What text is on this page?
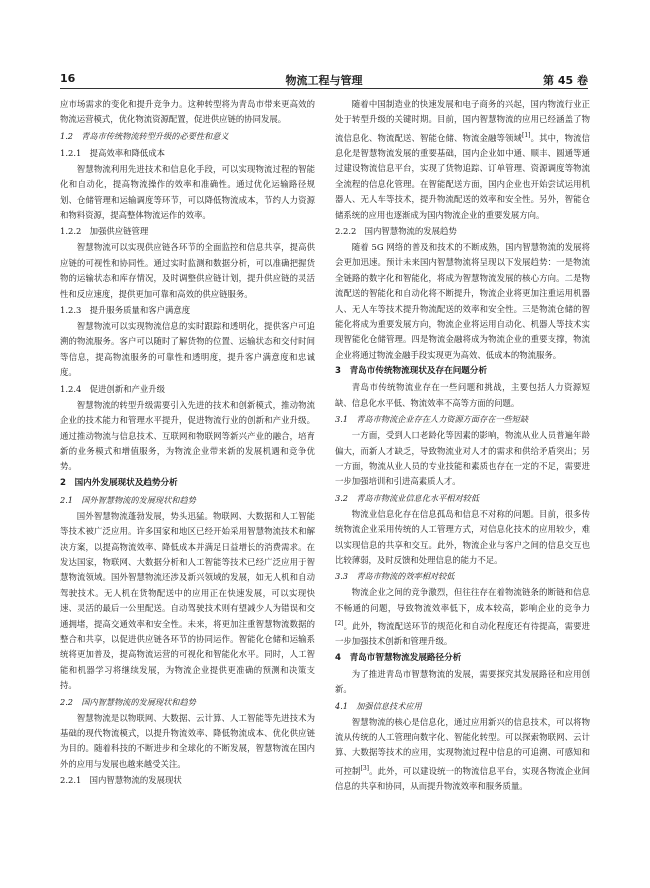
16	物流工程与管理	第 45 卷

应市场需求的变化和提升竞争力。这种转型将为青岛市带来更高效的物流运营模式，优化物流资源配置，促进供应链的协同发展。

1.2　青岛市传统物流转型升级的必要性和意义
1.2.1　提高效率和降低成本

智慧物流利用先进技术和信息化手段，可以实现物流过程的智能化和自动化，提高物流操作的效率和准确性。通过优化运输路径规划、仓储管理和运输调度等环节，可以降低物流成本，节约人力资源和物料资源，提高整体物流运作的效率。

1.2.2　加强供应链管理

智慧物流可以实现供应链各环节的全面监控和信息共享，提高供应链的可视性和协同性。通过实时监测和数据分析，可以准确把握货物的运输状态和库存情况，及时调整供应链计划，提升供应链的灵活性和反应速度，提供更加可靠和高效的供应链服务。

1.2.3　提升服务质量和客户满意度

智慧物流可以实现物流信息的实时跟踪和透明化，提供客户可追溯的物流服务。客户可以随时了解货物的位置、运输状态和交付时间等信息，提高物流服务的可靠性和透明度，提升客户满意度和忠诚度。

1.2.4　促进创新和产业升级

智慧物流的转型升级需要引入先进的技术和创新模式，推动物流企业的技术能力和管理水平提升，促进物流行业的创新和产业升级。通过推动物流与信息技术、互联网和物联网等新兴产业的融合，培育新的业务模式和增值服务，为物流企业带来新的发展机遇和竞争优势。

2　国内外发展现状及趋势分析
2.1　国外智慧物流的发展现状和趋势

国外智慧物流蓬勃发展，势头迅猛。物联网、大数据和人工智能等技术被广泛应用。许多国家和地区已经开始采用智慧物流技术和解决方案，以提高物流效率、降低成本并满足日益增长的消费需求。在发达国家，物联网、大数据分析和人工智能等技术已经广泛应用于智慧物流领域。国外智慧物流还涉及新兴领域的发展，如无人机和自动驾驶技术。无人机在货物配送中的应用正在快速发展，可以实现快速、灵活的最后一公里配送。自动驾驶技术则有望减少人为错误和交通拥堵，提高交通效率和安全性。未来，将更加注重智慧物流数据的整合和共享，以促进供应链各环节的协同运作。智能化仓储和运输系统将更加普及，提高物流运营的可视化和智能化水平。同时，人工智能和机器学习将继续发展，为物流企业提供更准确的预测和决策支持。

2.2　国内智慧物流的发展现状和趋势

智慧物流是以物联网、大数据、云计算、人工智能等先进技术为基础的现代物流模式，以提升物流效率、降低物流成本、优化供应链为目的。随着科技的不断进步和全球化的不断发展，智慧物流在国内外的应用与发展也越来越受关注。

2.2.1　国内智慧物流的发展现状

随着中国制造业的快速发展和电子商务的兴起，国内物流行业正处于转型升级的关键时期。目前，国内智慧物流的应用已经涵盖了物流信息化、物流配送、智能仓储、物流金融等领域[1]。其中，物流信息化是智慧物流发展的重要基础，国内企业如中通、顺丰、圆通等通过建设物流信息平台，实现了货物追踪、订单管理、资源调度等物流全流程的信息化管理。在智能配送方面，国内企业也开始尝试运用机器人、无人车等技术，提升物流配送的效率和安全性。另外，智能仓储系统的应用也逐渐成为国内物流企业的重要发展方向。

2.2.2　国内智慧物流的发展趋势

随着 5G 网络的普及和技术的不断成熟，国内智慧物流的发展将会更加迅速。预计未来国内智慧物流将呈现以下发展趋势：一是物流全链路的数字化和智能化，将成为智慧物流发展的核心方向。二是物流配送的智能化和自动化将不断提升，物流企业将更加注重运用机器人、无人车等技术提升物流配送的效率和安全性。三是物流仓储的智能化将成为重要发展方向，物流企业将运用自动化、机器人等技术实现智能化仓储管理。四是物流金融将成为物流企业的重要支撑，物流企业将通过物流金融手段实现更为高效、低成本的物流服务。

3　青岛市传统物流现状及存在问题分析

青岛市传统物流业存在一些问题和挑战，主要包括人力资源短缺、信息化水平低、物流效率不高等方面的问题。

3.1　青岛市物流企业存在人力资源方面存在一些短缺

一方面，受到人口老龄化等因素的影响，物流从业人员普遍年龄偏大，而新人才缺乏，导致物流业对人才的需求和供给矛盾突出；另一方面，物流从业人员的专业技能和素质也存在一定的不足，需要进一步加强培训和引进高素质人才。

3.2　青岛市物流业信息化水平相对较低

物流业信息化存在信息孤岛和信息不对称的问题。目前，很多传统物流企业采用传统的人工管理方式，对信息化技术的应用较少，难以实现信息的共享和交互。此外，物流企业与客户之间的信息交互也比较薄弱，及时反馈和处理信息的能力不足。

3.3　青岛市物流的效率相对较低

物流企业之间的竞争激烈，但往往存在着物流链条的断链和信息不畅通的问题，导致物流效率低下，成本较高，影响企业的竞争力[2]。此外，物流配送环节的规范化和自动化程度还有待提高，需要进一步加强技术创新和管理升级。

4　青岛市智慧物流发展路径分析

为了推进青岛市智慧物流的发展，需要探究其发展路径和应用创新。

4.1　加强信息技术应用

智慧物流的核心是信息化，通过应用新兴的信息技术，可以将物流从传统的人工管理向数字化、智能化转型。可以探索物联网、云计算、大数据等技术的应用，实现物流过程中信息的可追溯、可感知和可控制[3]。此外，可以建设统一的物流信息平台，实现各物流企业间信息的共享和协同，从而提升物流效率和服务质量。
